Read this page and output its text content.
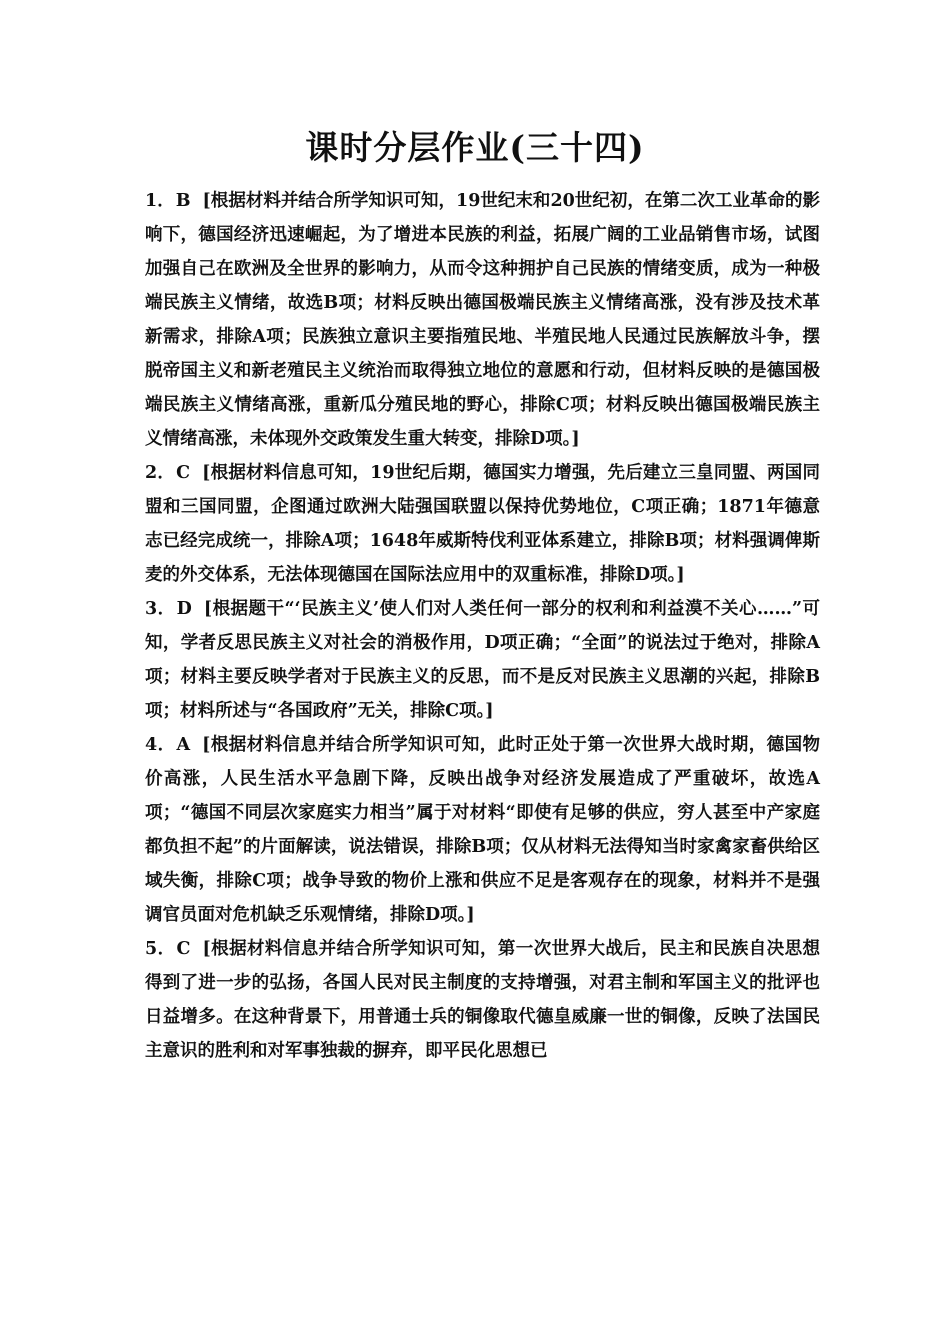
课时分层作业(三十四)

1．B [根据材料并结合所学知识可知，19世纪末和20世纪初，在第二次工业革命的影响下，德国经济迅速崛起，为了增进本民族的利益，拓展广阔的工业品销售市场，试图加强自己在欧洲及全世界的影响力，从而令这种拥护自己民族的情绪变质，成为一种极端民族主义情绪，故选B项；材料反映出德国极端民族主义情绪高涨，没有涉及技术革新需求，排除A项；民族独立意识主要指殖民地、半殖民地人民通过民族解放斗争，摆脱帝国主义和新老殖民主义统治而取得独立地位的意愿和行动，但材料反映的是德国极端民族主义情绪高涨，重新瓜分殖民地的野心，排除C项；材料反映出德国极端民族主义情绪高涨，未体现外交政策发生重大转变，排除D项。]

2．C [根据材料信息可知，19世纪后期，德国实力增强，先后建立三皇同盟、两国同盟和三国同盟，企图通过欧洲大陆强国联盟以保持优势地位，C项正确；1871年德意志已经完成统一，排除A项；1648年威斯特伐利亚体系建立，排除B项；材料强调俾斯麦的外交体系，无法体现德国在国际法应用中的双重标准，排除D项。]

3．D [根据题干“‘民族主义’使人们对人类任何一部分的权利和利益漠不关心……”可知，学者反思民族主义对社会的消极作用，D项正确；“全面”的说法过于绝对，排除A项；材料主要反映学者对于民族主义的反思，而不是反对民族主义思潮的兴起，排除B项；材料所述与“各国政府”无关，排除C项。]

4．A [根据材料信息并结合所学知识可知，此时正处于第一次世界大战时期，德国物价高涨，人民生活水平急剧下降，反映出战争对经济发展造成了严重破坏，故选A项；“德国不同层次家庭实力相当”属于对材料“即使有足够的供应，穷人甚至中产家庭都负担不起”的片面解读，说法错误，排除B项；仅从材料无法得知当时家禽家畜供给区域失衡，排除C项；战争导致的物价上涨和供应不足是客观存在的现象，材料并不是强调官员面对危机缺乏乐观情绪，排除D项。]

5．C [根据材料信息并结合所学知识可知，第一次世界大战后，民主和民族自决思想得到了进一步的弘扬，各国人民对民主制度的支持增强，对君主制和军国主义的批评也日益增多。在这种背景下，用普通士兵的铜像取代德皇威廉一世的铜像，反映了法国民主意识的胜利和对军事独裁的摒弃，即平民化思想已
